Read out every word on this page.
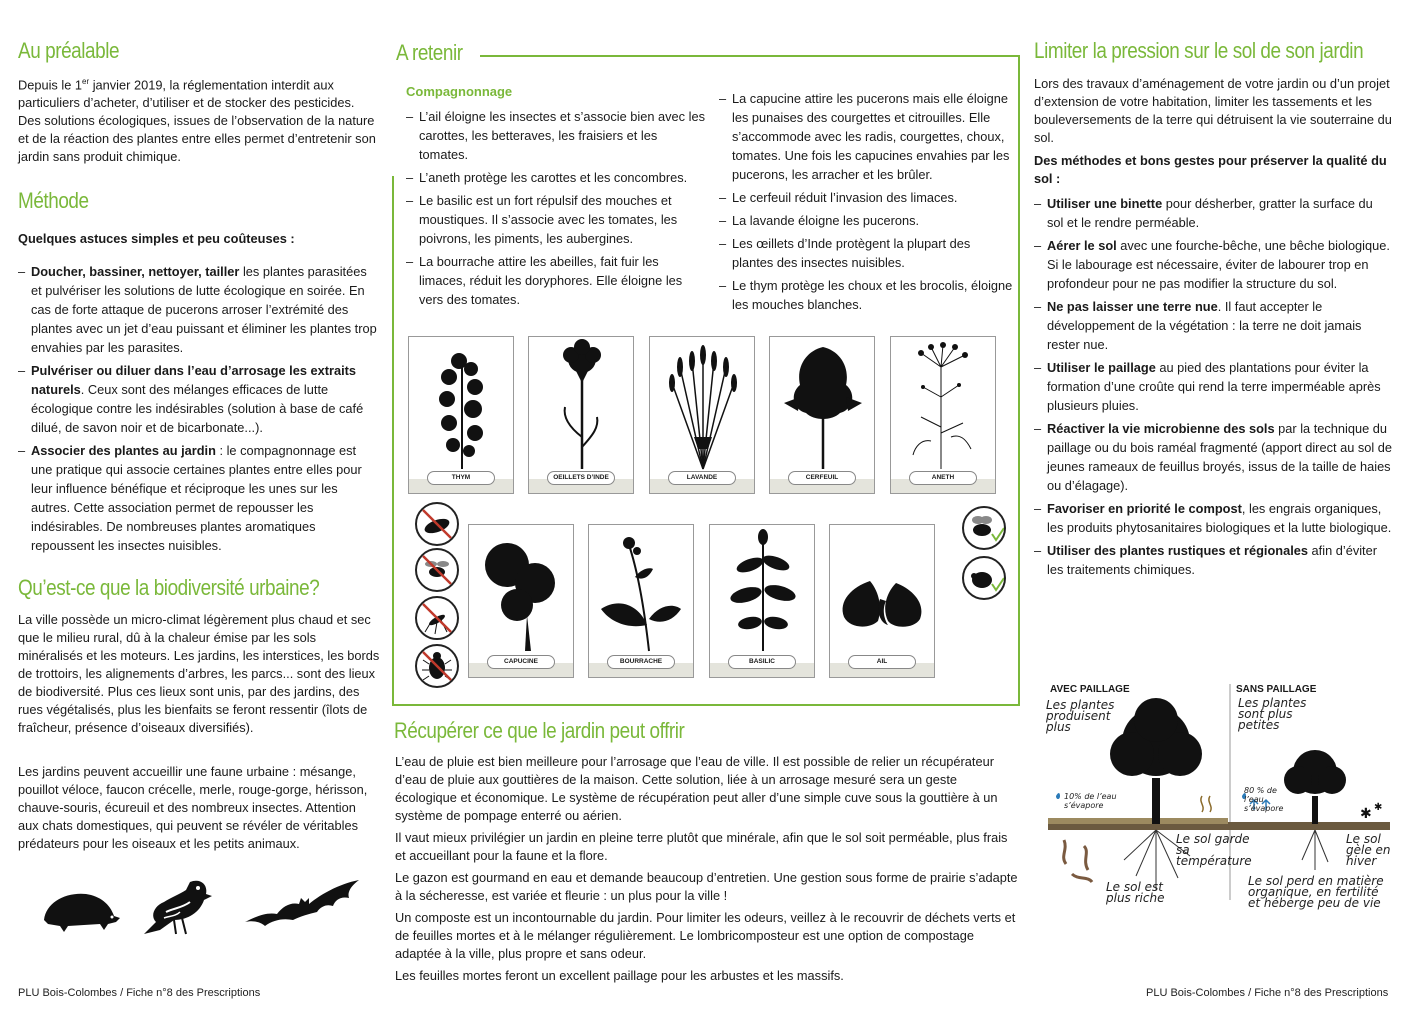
Au préalable

Depuis le 1er janvier 2019, la réglementation interdit aux particuliers d’acheter, d’utiliser et de stocker des pesticides. Des solutions écologiques, issues de l’observation de la nature et de la réaction des plantes entre elles permet d’entretenir son jardin sans produit chimique.

Méthode

Quelques astuces simples et peu coûteuses :

– Doucher, bassiner, nettoyer, tailler les plantes parasitées et pulvériser les solutions de lutte écologique en soirée. En cas de forte attaque de pucerons arroser l’extrémité des plantes avec un jet d’eau puissant et éliminer les plantes trop envahies par les parasites.
– Pulvériser ou diluer dans l’eau d’arrosage les extraits naturels. Ceux sont des mélanges efficaces de lutte écologique contre les indésirables (solution à base de café dilué, de savon noir et de bicarbonate...).
– Associer des plantes au jardin : le compagnonnage est une pratique qui associe certaines plantes entre elles pour leur influence bénéfique et réciproque les unes sur les autres. Cette association permet de repousser les indésirables. De nombreuses plantes aromatiques repoussent les insectes nuisibles.
Qu’est-ce que la biodiversité urbaine?

La ville possède un micro-climat légèrement plus chaud et sec que le milieu rural, dû à la chaleur émise par les sols minéralisés et les moteurs. Les jardins, les interstices, les bords de trottoirs, les alignements d’arbres, les parcs... sont des lieux de biodiversité. Plus ces lieux sont unis, par des jardins, des rues végétalisés, plus les bienfaits se feront ressentir (îlots de fraîcheur, présence d’oiseaux diversifiés).

Les jardins peuvent accueillir une faune urbaine : mésange, pouillot véloce, faucon crécelle, merle, rouge-gorge, hérisson, chauve-souris, écureuil et des nombreux insectes. Attention aux chats domestiques, qui peuvent se révéler de véritables prédateurs pour les oiseaux et les petits animaux.

PLU Bois-Colombes / Fiche n°8 des Prescriptions
A retenir
Compagnonnage
– L’ail éloigne les insectes et s’associe bien avec les carottes, les betteraves, les fraisiers et les tomates.
– L’aneth protège les carottes et les concombres.
– Le basilic est un fort répulsif des mouches et moustiques. Il s’associe avec les tomates, les poivrons, les piments, les aubergines.
– La bourrache attire les abeilles, fait fuir les limaces, réduit les doryphores. Elle éloigne les vers des tomates.
– La capucine attire les pucerons mais elle éloigne les punaises des courgettes et citrouilles. Elle s’accommode avec les radis, courgettes, choux, tomates. Une fois les capucines envahies par les pucerons, les arracher et les brûler.
– Le cerfeuil réduit l’invasion des limaces.
– La lavande éloigne les pucerons.
– Les œillets d’Inde protègent la plupart des plantes des insectes nuisibles.
– Le thym protège les choux et les brocolis, éloigne les mouches blanches.
THYM	OEILLETS D’INDE	LAVANDE	CERFEUIL	ANETH
CAPUCINE	BOURRACHE	BASILIC	AIL
Récupérer ce que le jardin peut offrir

L’eau de pluie est bien meilleure pour l’arrosage que l’eau de ville. Il est possible de relier un récupérateur d’eau de pluie aux gouttières de la maison. Cette solution, liée à un arrosage mesuré sera un geste écologique et économique. Le système de récupération peut aller d’une simple cuve sous la gouttière à un système de pompage enterré ou aérien.

Il vaut mieux privilégier un jardin en pleine terre plutôt que minérale, afin que le sol soit perméable, plus frais et accueillant pour la faune et la flore.

Le gazon est gourmand en eau et demande beaucoup d’entretien. Une gestion sous forme de prairie s’adapte à la sécheresse, est variée et fleurie : un plus pour la ville !

Un composte est un incontournable du jardin. Pour limiter les odeurs, veillez à le recouvrir de déchets verts et de feuilles mortes et à le mélanger régulièrement. Le lombricomposteur est une option de compostage adaptée à la ville, plus propre et sans odeur.

Les feuilles mortes feront un excellent paillage pour les arbustes et les massifs.

Limiter la pression sur le sol de son jardin

Lors des travaux d’aménagement de votre jardin ou d’un projet d’extension de votre habitation, limiter les tassements et les bouleversements de la terre qui détruisent la vie souterraine du sol.

Des méthodes et bons gestes pour préserver la qualité du sol :

– Utiliser une binette pour désherber, gratter la surface du sol et le rendre perméable.
– Aérer le sol avec une fourche-bêche, une bêche biologique. Si le labourage est nécessaire, éviter de labourer trop en profondeur pour ne pas modifier la structure du sol.
– Ne pas laisser une terre nue. Il faut accepter le développement de la végétation : la terre ne doit jamais rester nue.
– Utiliser le paillage au pied des plantations pour éviter la formation d’une croûte qui rend la terre imperméable après plusieurs pluies.
– Réactiver la vie microbienne des sols par la technique du paillage ou du bois raméal fragmenté (apport direct au sol de jeunes rameaux de feuillus broyés, issus de la taille de haies ou d’élagage).
– Favoriser en priorité le compost, les engrais organiques, les produits phytosanitaires biologiques et la lutte biologique.
– Utiliser des plantes rustiques et régionales afin d’éviter les traitements chimiques.
✱ ✱
AVEC PAILLAGE	SANS PAILLAGE
Les plantes produisent plus
Les plantes sont plus petites
10% de l’eau s’évapore
80 % de l’eau s’évapore
Le sol garde sa température
Le sol gèle en hiver
Le sol est plus riche
Le sol perd en matière organique, en fertilité et héberge peu de vie
PLU Bois-Colombes / Fiche n°8 des Prescriptions
